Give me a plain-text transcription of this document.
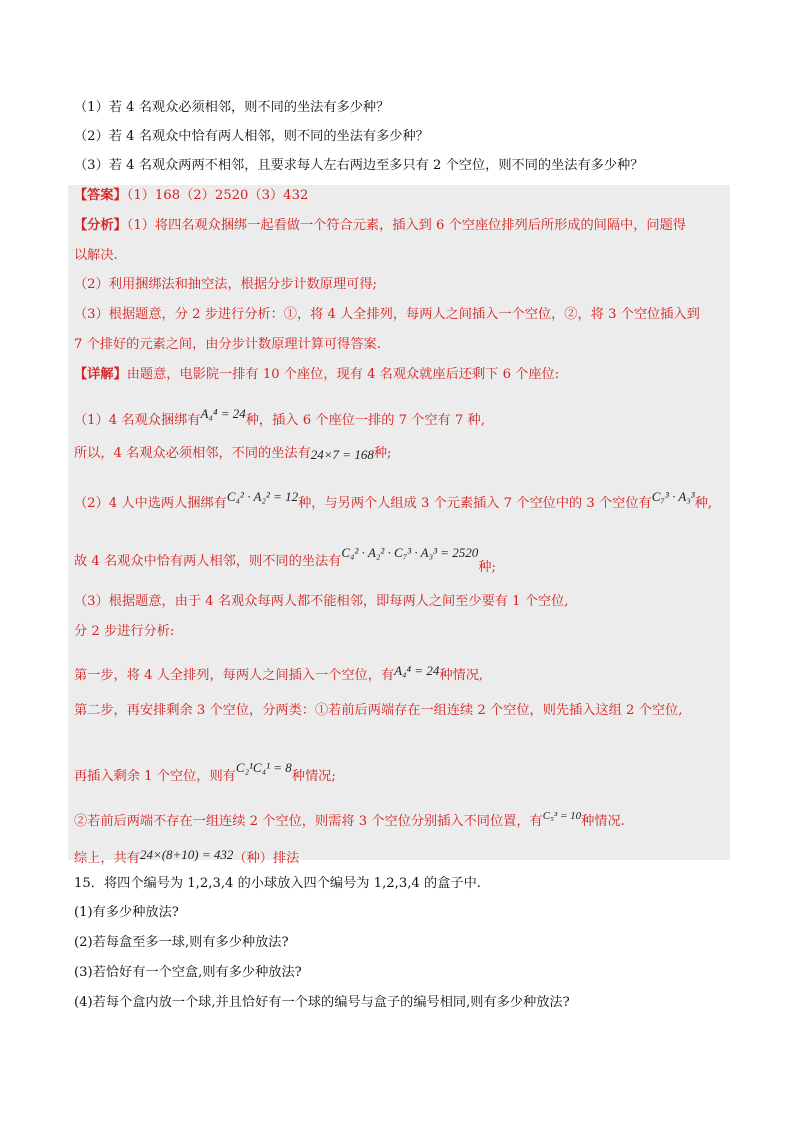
（1）若 4 名观众必须相邻，则不同的坐法有多少种？
（2）若 4 名观众中恰有两人相邻，则不同的坐法有多少种？
（3）若 4 名观众两两不相邻，且要求每人左右两边至多只有 2 个空位，则不同的坐法有多少种？
【答案】（1）168（2）2520（3）432
【分析】（1）将四名观众捆绑一起看做一个符合元素，插入到 6 个空座位排列后所形成的间隔中，问题得
以解决.
（2）利用捆绑法和抽空法，根据分步计数原理可得;
（3）根据题意，分 2 步进行分析：①，将 4 人全排列，每两人之间插入一个空位，②，将 3 个空位插入到
7 个排好的元素之间，由分步计数原理计算可得答案.
【详解】由题意，电影院一排有 10 个座位，现有 4 名观众就座后还剩下 6 个座位:
（1）4 名观众捆绑有A₄⁴ = 24种，插入 6 个座位一排的 7 个空有 7 种,
所以，4 名观众必须相邻，不同的坐法有24×7 = 168种;
（2）4 人中选两人捆绑有C₄² · A₂² = 12种，与另两个人组成 3 个元素插入 7 个空位中的 3 个空位有C₇³ · A₃³种,
故 4 名观众中恰有两人相邻，则不同的坐法有C₄² · A₂² · C₇³ · A₃³ = 2520种;
（3）根据题意，由于 4 名观众每两人都不能相邻，即每两人之间至少要有 1 个空位,
分 2 步进行分析:
第一步，将 4 人全排列，每两人之间插入一个空位，有A₄⁴ = 24种情况,
第二步，再安排剩余 3 个空位，分两类：①若前后两端存在一组连续 2 个空位，则先插入这组 2 个空位,
再插入剩余 1 个空位，则有C₂¹C₄¹ = 8种情况;
②若前后两端不存在一组连续 2 个空位，则需将 3 个空位分别插入不同位置，有C₅³ = 10种情况.
综上，共有24×(8+10) = 432（种）排法
15．将四个编号为 1,2,3,4 的小球放入四个编号为 1,2,3,4 的盒子中.
(1)有多少种放法?
(2)若每盒至多一球,则有多少种放法?
(3)若恰好有一个空盒,则有多少种放法?
(4)若每个盒内放一个球,并且恰好有一个球的编号与盒子的编号相同,则有多少种放法?
